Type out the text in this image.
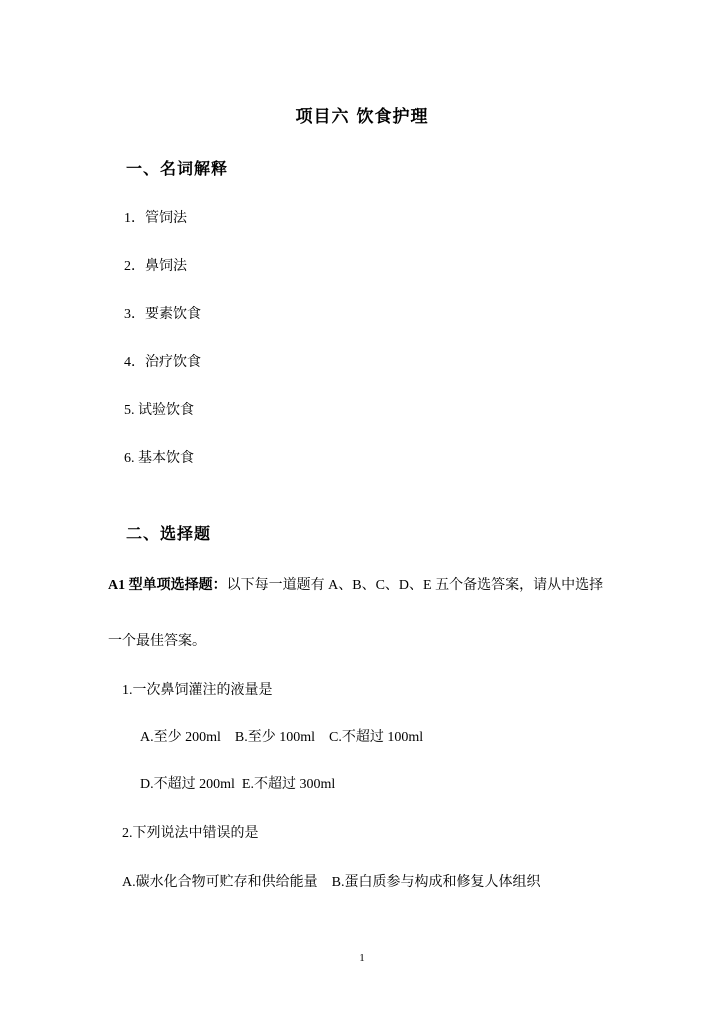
项目六 饮食护理
一、名词解释
1．管饲法
2．鼻饲法
3．要素饮食
4．治疗饮食
5. 试验饮食
6. 基本饮食
二、选择题
A1 型单项选择题：以下每一道题有 A、B、C、D、E 五个备选答案，请从中选择
一个最佳答案。
1.一次鼻饲灌注的液量是
A.至少 200ml    B.至少 100ml    C.不超过 100ml
D.不超过 200ml  E.不超过 300ml
2.下列说法中错误的是
A.碳水化合物可贮存和供给能量    B.蛋白质参与构成和修复人体组织
1
